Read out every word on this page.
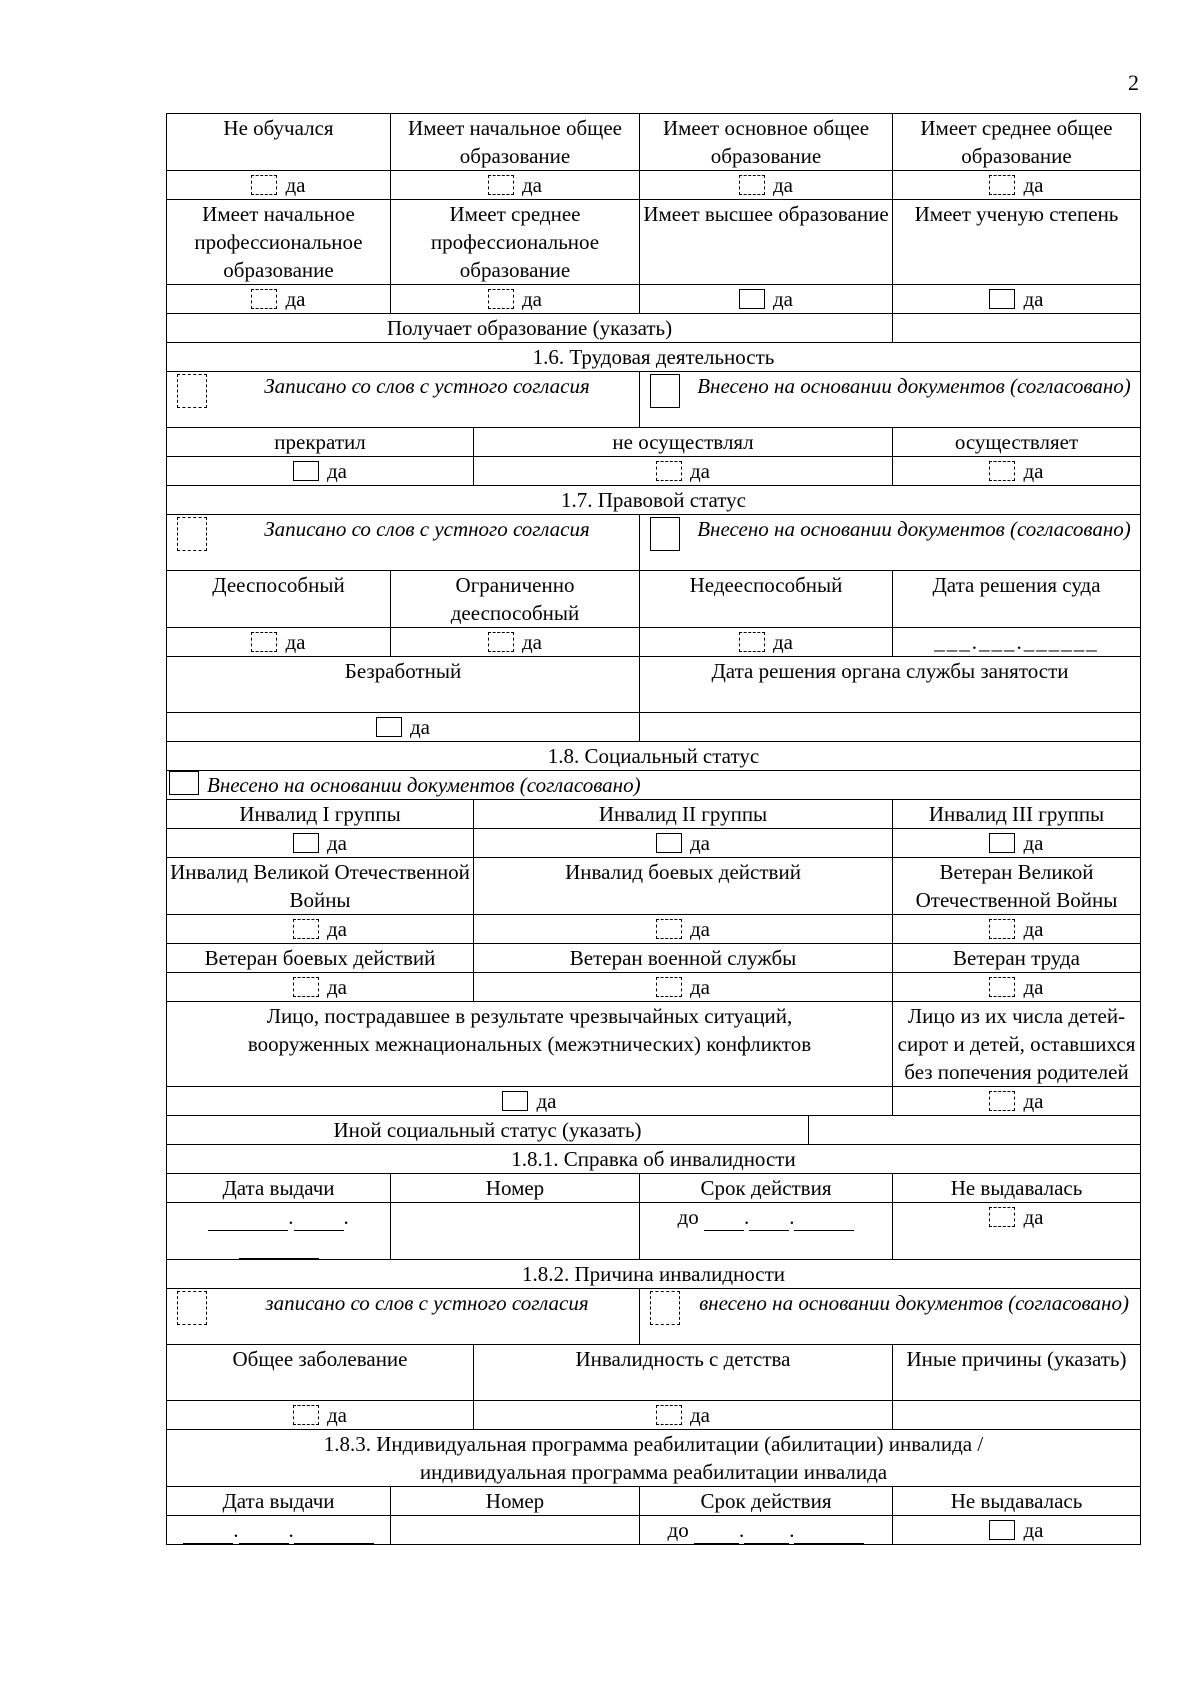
2
Не обучался	Имеет начальное общее образование		Имеет основное общее образование		Имеет среднее общее образование
да	да		да		да
Имеет начальное профессиональное образование	Имеет среднее профессиональное образование		Имеет высшее образование		Имеет ученую степень
да	да		да		да
Получает образование (указать)					
1.6. Трудовая деятельность					

Записано со слов с устного согласия			Внесено на основании документов (согласовано)		

прекратил		не осуществлял			осуществляет
да		да			да
1.7. Правовой статус					

Записано со слов с устного согласия			Внесено на основании документов (согласовано)		

Дееспособный	Ограниченно дееспособный		Недееспособный		Дата решения суда
да	да		да		___.___.______
Безработный			Дата решения органа службы занятости		
да					
1.8. Социальный статус					
Внесено на основании документов (согласовано)					
Инвалид I группы		Инвалид II группы			Инвалид III группы
да		да			да
Инвалид Великой Отечественной Войны		Инвалид боевых действий			Ветеран Великой Отечественной Войны
да		да			да
Ветеран боевых действий		Ветеран военной службы			Ветеран труда
да		да			да
Лицо, пострадавшее в результате чрезвычайных ситуаций, вооруженных межнациональных (межэтнических) конфликтов					Лицо из их числа детей-сирот и детей, оставшихся без попечения родителей
да					да
Иной социальный статус (указать)					
1.8.1. Справка об инвалидности					
Дата выдачи	Номер		Срок действия		Не выдавалась
. .			до . .		да
1.8.2. Причина инвалидности					

записано со слов с устного согласия			внесено на основании документов (согласовано)		

Общее заболевание		Инвалидность с детства			Иные причины (указать)
да		да			
1.8.3. Индивидуальная программа реабилитации (абилитации) инвалида / индивидуальная программа реабилитации инвалида					
Дата выдачи	Номер		Срок действия		Не выдавалась
. .			до . .		да
